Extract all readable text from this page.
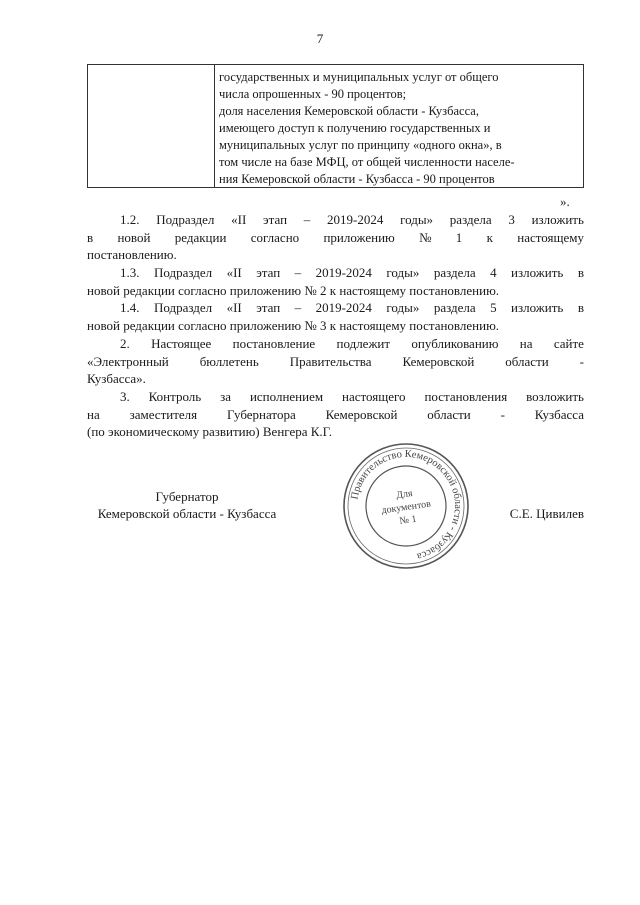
7
государственных и муниципальных услуг от общего
числа опрошенных - 90 процентов;
доля населения Кемеровской области - Кузбасса,
имеющего доступ к получению государственных и
муниципальных услуг по принципу «одного окна», в
том числе на базе МФЦ, от общей численности населе-
ния Кемеровской области - Кузбасса - 90 процентов
».
1.2. Подраздел «II этап – 2019-2024 годы» раздела 3 изложить
в новой редакции согласно приложению № 1 к настоящему
постановлению.
1.3. Подраздел «II этап – 2019-2024 годы» раздела 4 изложить в
новой редакции согласно приложению № 2 к настоящему постановлению.
1.4. Подраздел «II этап – 2019-2024 годы» раздела 5 изложить в
новой редакции согласно приложению № 3 к настоящему постановлению.
2. Настоящее постановление подлежит опубликованию на сайте
«Электронный бюллетень Правительства Кемеровской области -
Кузбасса».
3. Контроль за исполнением настоящего постановления возложить
на заместителя Губернатора Кемеровской области - Кузбасса
(по экономическому развитию) Венгера К.Г.
Губернатор
Кемеровской области - Кузбасса	С.Е. Цивилев
Правительство Кемеровской области - Кузбасса
Для
документов
№ 1
